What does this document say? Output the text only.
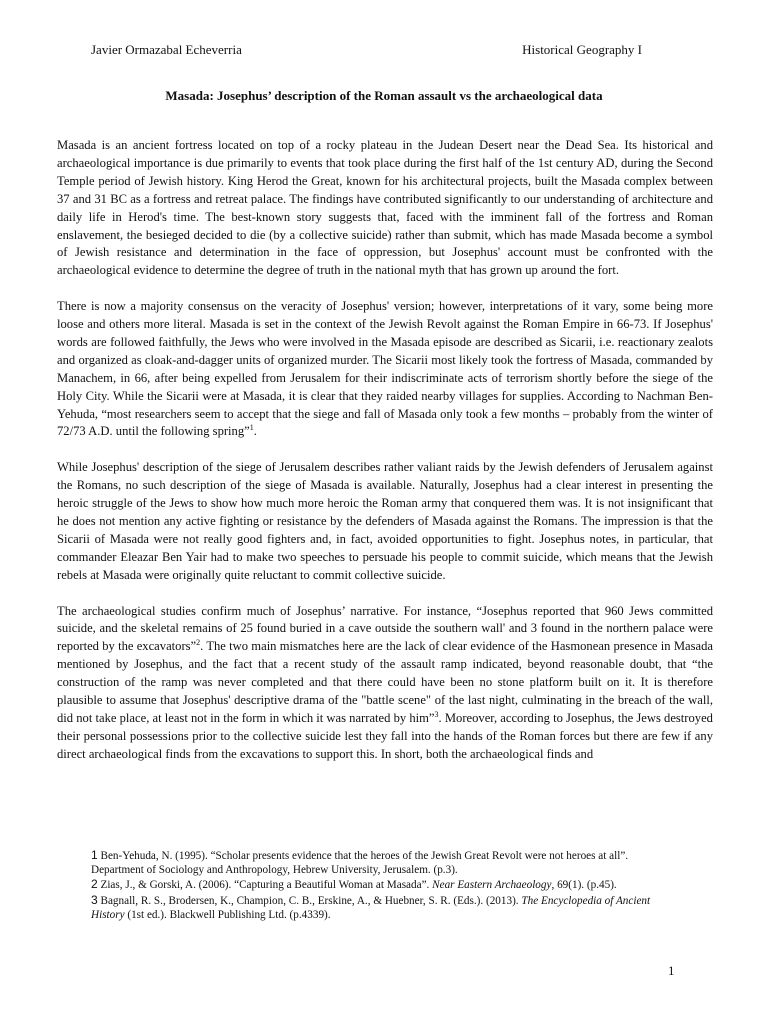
Javier Ormazabal Echeverria	Historical Geography I
Masada: Josephus’ description of the Roman assault vs the archaeological data

Masada is an ancient fortress located on top of a rocky plateau in the Judean Desert near the Dead Sea. Its historical and archaeological importance is due primarily to events that took place during the first half of the 1st century AD, during the Second Temple period of Jewish history. King Herod the Great, known for his architectural projects, built the Masada complex between 37 and 31 BC as a fortress and retreat palace. The findings have contributed significantly to our understanding of architecture and daily life in Herod's time. The best-known story suggests that, faced with the imminent fall of the fortress and Roman enslavement, the besieged decided to die (by a collective suicide) rather than submit, which has made Masada become a symbol of Jewish resistance and determination in the face of oppression, but Josephus' account must be confronted with the archaeological evidence to determine the degree of truth in the national myth that has grown up around the fort.

There is now a majority consensus on the veracity of Josephus' version; however, interpretations of it vary, some being more loose and others more literal. Masada is set in the context of the Jewish Revolt against the Roman Empire in 66-73. If Josephus' words are followed faithfully, the Jews who were involved in the Masada episode are described as Sicarii, i.e. reactionary zealots and organized as cloak-and-dagger units of organized murder. The Sicarii most likely took the fortress of Masada, commanded by Manachem, in 66, after being expelled from Jerusalem for their indiscriminate acts of terrorism shortly before the siege of the Holy City. While the Sicarii were at Masada, it is clear that they raided nearby villages for supplies. According to Nachman Ben-Yehuda, “most researchers seem to accept that the siege and fall of Masada only took a few months – probably from the winter of 72/73 A.D. until the following spring”$^1$.

While Josephus' description of the siege of Jerusalem describes rather valiant raids by the Jewish defenders of Jerusalem against the Romans, no such description of the siege of Masada is available. Naturally, Josephus had a clear interest in presenting the heroic struggle of the Jews to show how much more heroic the Roman army that conquered them was. It is not insignificant that he does not mention any active fighting or resistance by the defenders of Masada against the Romans. The impression is that the Sicarii of Masada were not really good fighters and, in fact, avoided opportunities to fight. Josephus notes, in particular, that commander Eleazar Ben Yair had to make two speeches to persuade his people to commit suicide, which means that the Jewish rebels at Masada were originally quite reluctant to commit collective suicide.

The archaeological studies confirm much of Josephus’ narrative. For instance, “Josephus reported that 960 Jews committed suicide, and the skeletal remains of 25 found buried in a cave outside the southern wall' and 3 found in the northern palace were reported by the excavators”$^2$. The two main mismatches here are the lack of clear evidence of the Hasmonean presence in Masada mentioned by Josephus, and the fact that a recent study of the assault ramp indicated, beyond reasonable doubt, that “the construction of the ramp was never completed and that there could have been no stone platform built on it. It is therefore plausible to assume that Josephus' descriptive drama of the "battle scene" of the last night, culminating in the breach of the wall, did not take place, at least not in the form in which it was narrated by him”$^3$. Moreover, according to Josephus, the Jews destroyed their personal possessions prior to the collective suicide lest they fall into the hands of the Roman forces but there are few if any direct archaeological finds from the excavations to support this. In short, both the archaeological finds and

1 Ben-Yehuda, N. (1995). “Scholar presents evidence that the heroes of the Jewish Great Revolt were not heroes at all”. Department of Sociology and Anthropology, Hebrew University, Jerusalem. (p.3).
2 Zias, J., & Gorski, A. (2006). “Capturing a Beautiful Woman at Masada”. Near Eastern Archaeology, 69(1). (p.45).
3 Bagnall, R. S., Brodersen, K., Champion, C. B., Erskine, A., & Huebner, S. R. (Eds.). (2013). The Encyclopedia of Ancient History (1st ed.). Blackwell Publishing Ltd. (p.4339).
1
